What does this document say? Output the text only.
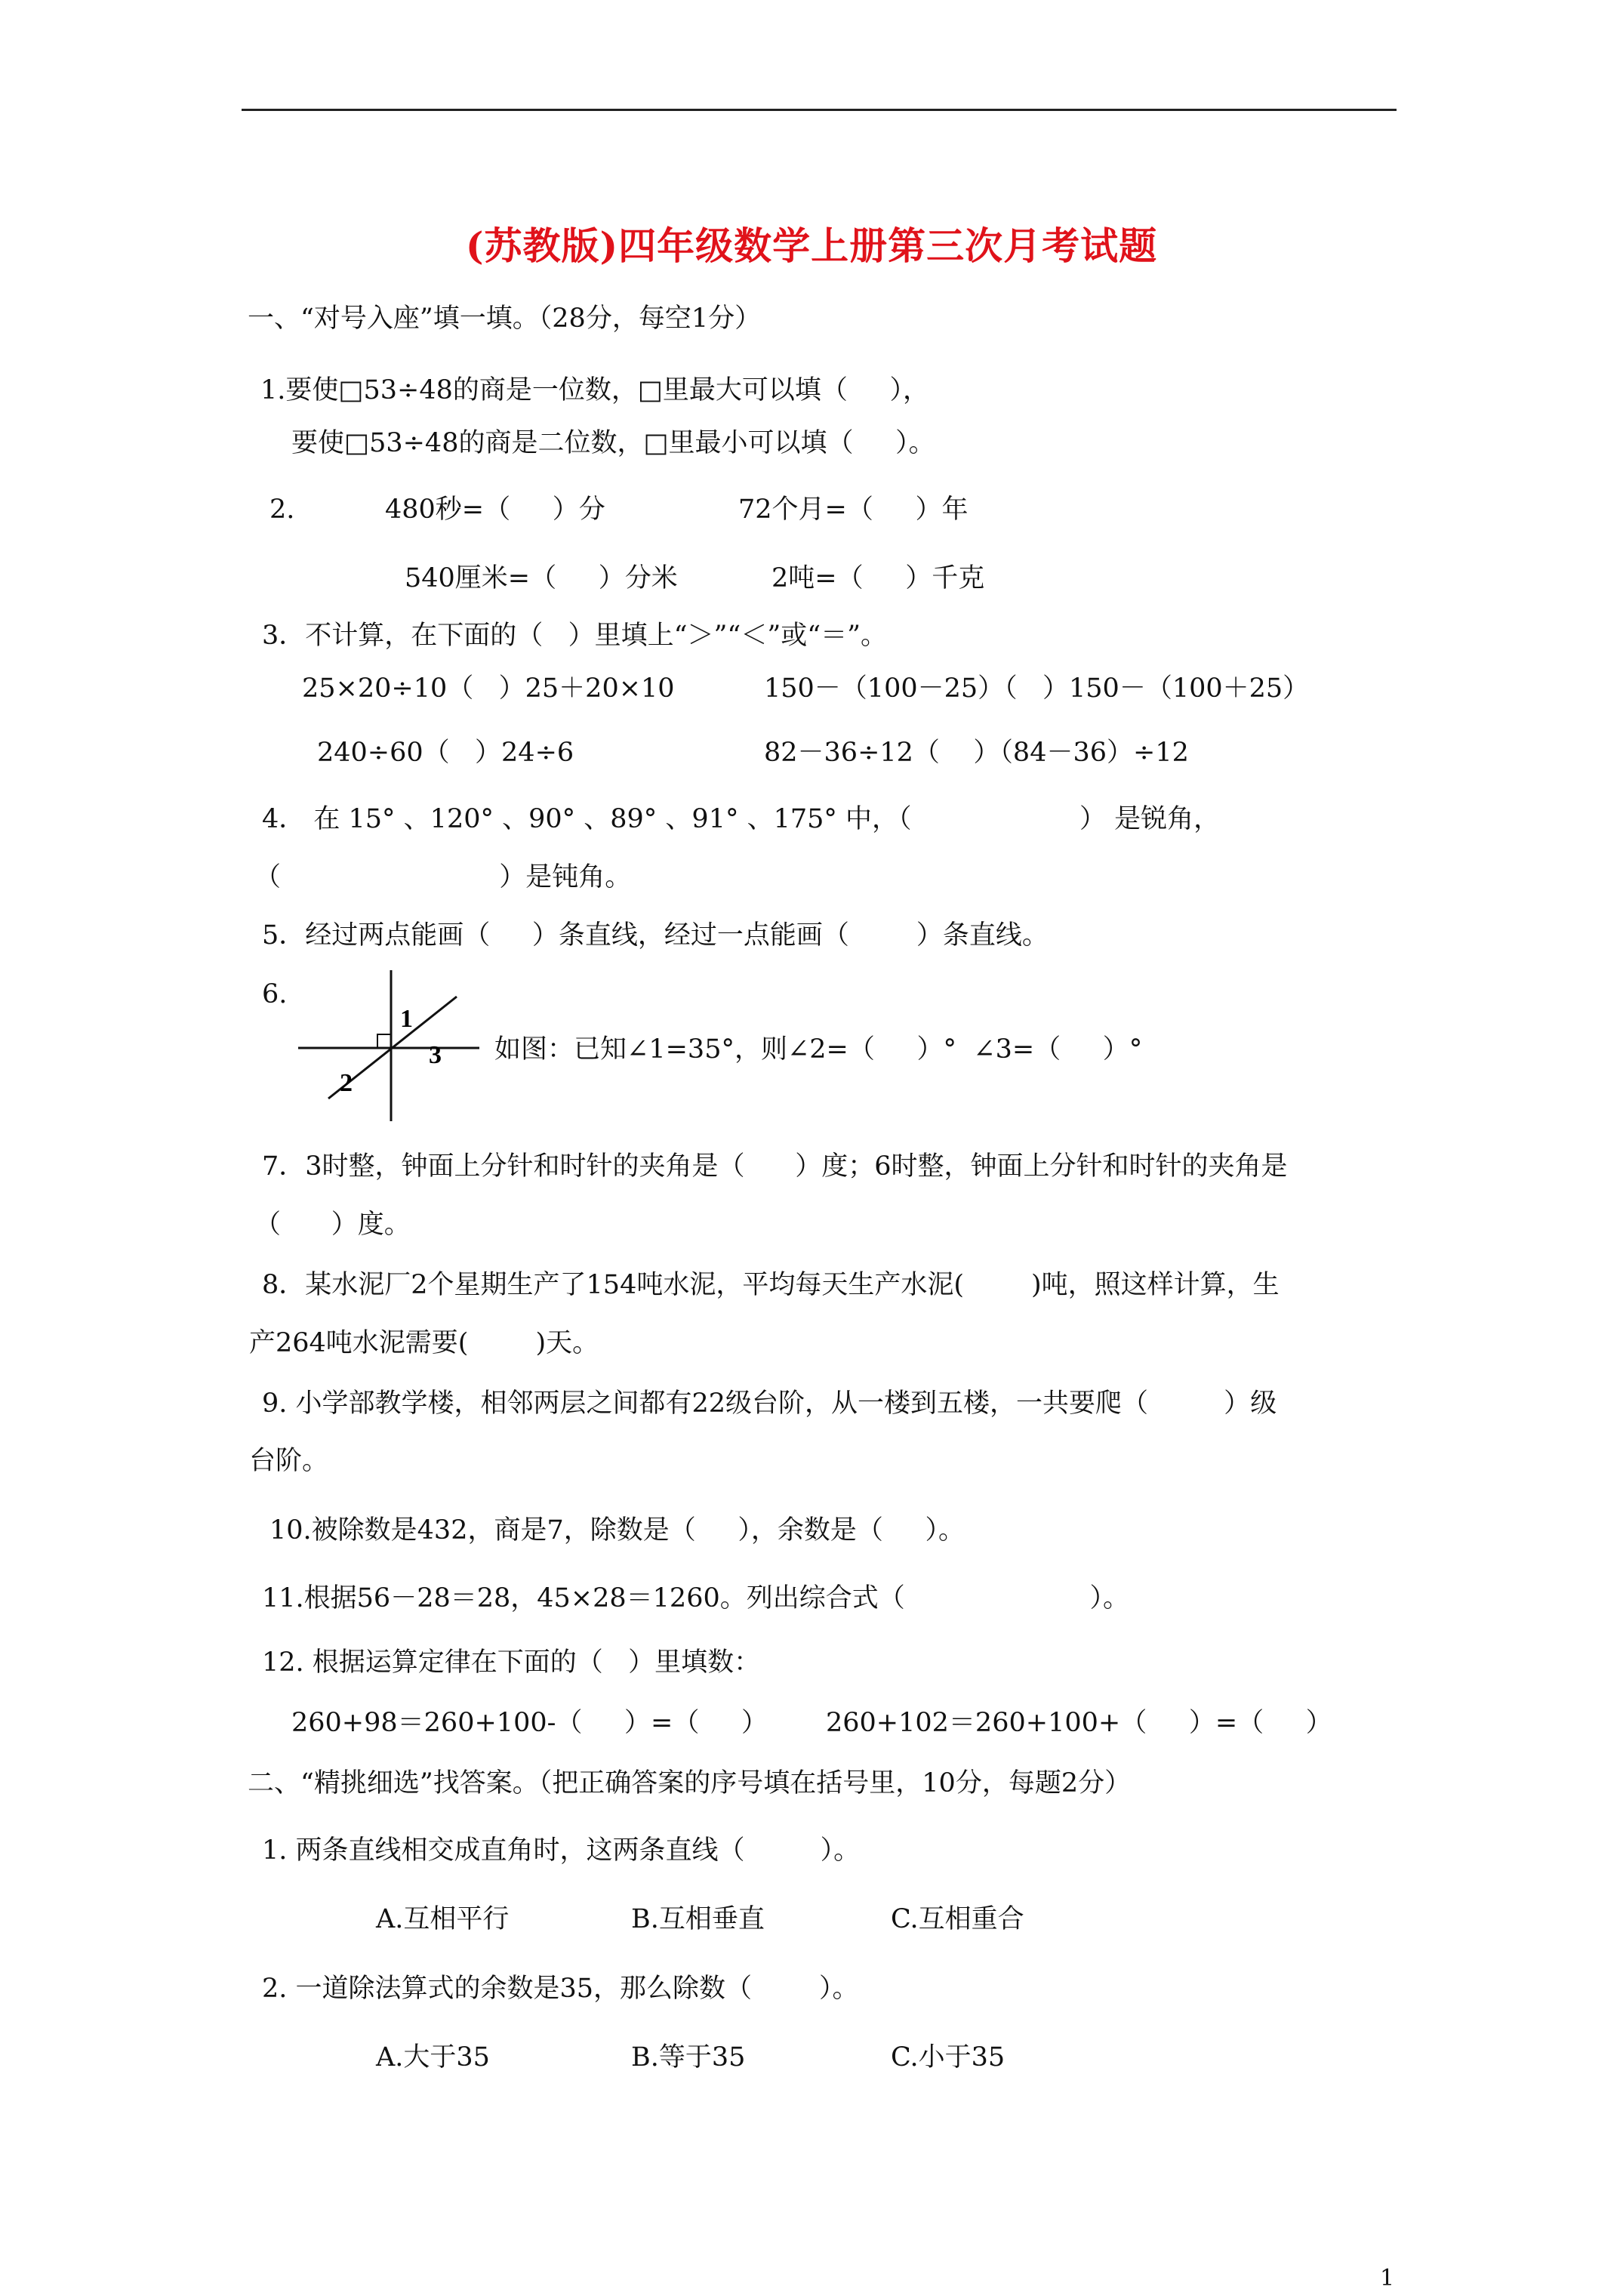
(苏教版)四年级数学上册第三次月考试题
一、“对号入座”填一填。（28分，每空1分）
1.要使□53÷48的商是一位数，□里最大可以填（     ），
要使□53÷48的商是二位数，□里最小可以填（     ）。
2.	480秒=（     ）分	72个月=（     ）年
540厘米=（     ）分米	2吨=（     ）千克
3．不计算，在下面的（   ）里填上“＞”“＜”或“＝”。
25×20÷10（   ）25＋20×10	150－（100－25）（   ）150－（100＋25）
240÷60（   ）24÷6	82－36÷12（    ）（84－36）÷12
4． 在 15° 、120° 、90° 、89° 、91° 、175° 中，（                    ） 是锐角，
（                          ）是钝角。
5．经过两点能画（     ）条直线，经过一点能画（        ）条直线。
6.
1
2
3 如图：已知∠1=35°，则∠2=（     ）°  ∠3=（     ）°
7．3时整，钟面上分针和时针的夹角是（      ）度；6时整，钟面上分针和时针的夹角是
（      ）度。
8．某水泥厂2个星期生产了154吨水泥，平均每天生产水泥(        )吨，照这样计算，生
产264吨水泥需要(        )天。
9. 小学部教学楼，相邻两层之间都有22级台阶，从一楼到五楼，一共要爬（         ）级
台阶。
10.被除数是432，商是7，除数是（     ），余数是（     ）。
11.根据56－28＝28，45×28＝1260。列出综合式（                      ）。
12. 根据运算定律在下面的（   ）里填数：
260+98＝260+100-（     ）=（     ） 260+102＝260+100+（     ）=（     ）
二、“精挑细选”找答案。（把正确答案的序号填在括号里，10分，每题2分）
1. 两条直线相交成直角时，这两条直线（         ）。
A.互相平行	B.互相垂直	C.互相重合
2. 一道除法算式的余数是35，那么除数（        ）。
A.大于35	B.等于35	C.小于35
1
